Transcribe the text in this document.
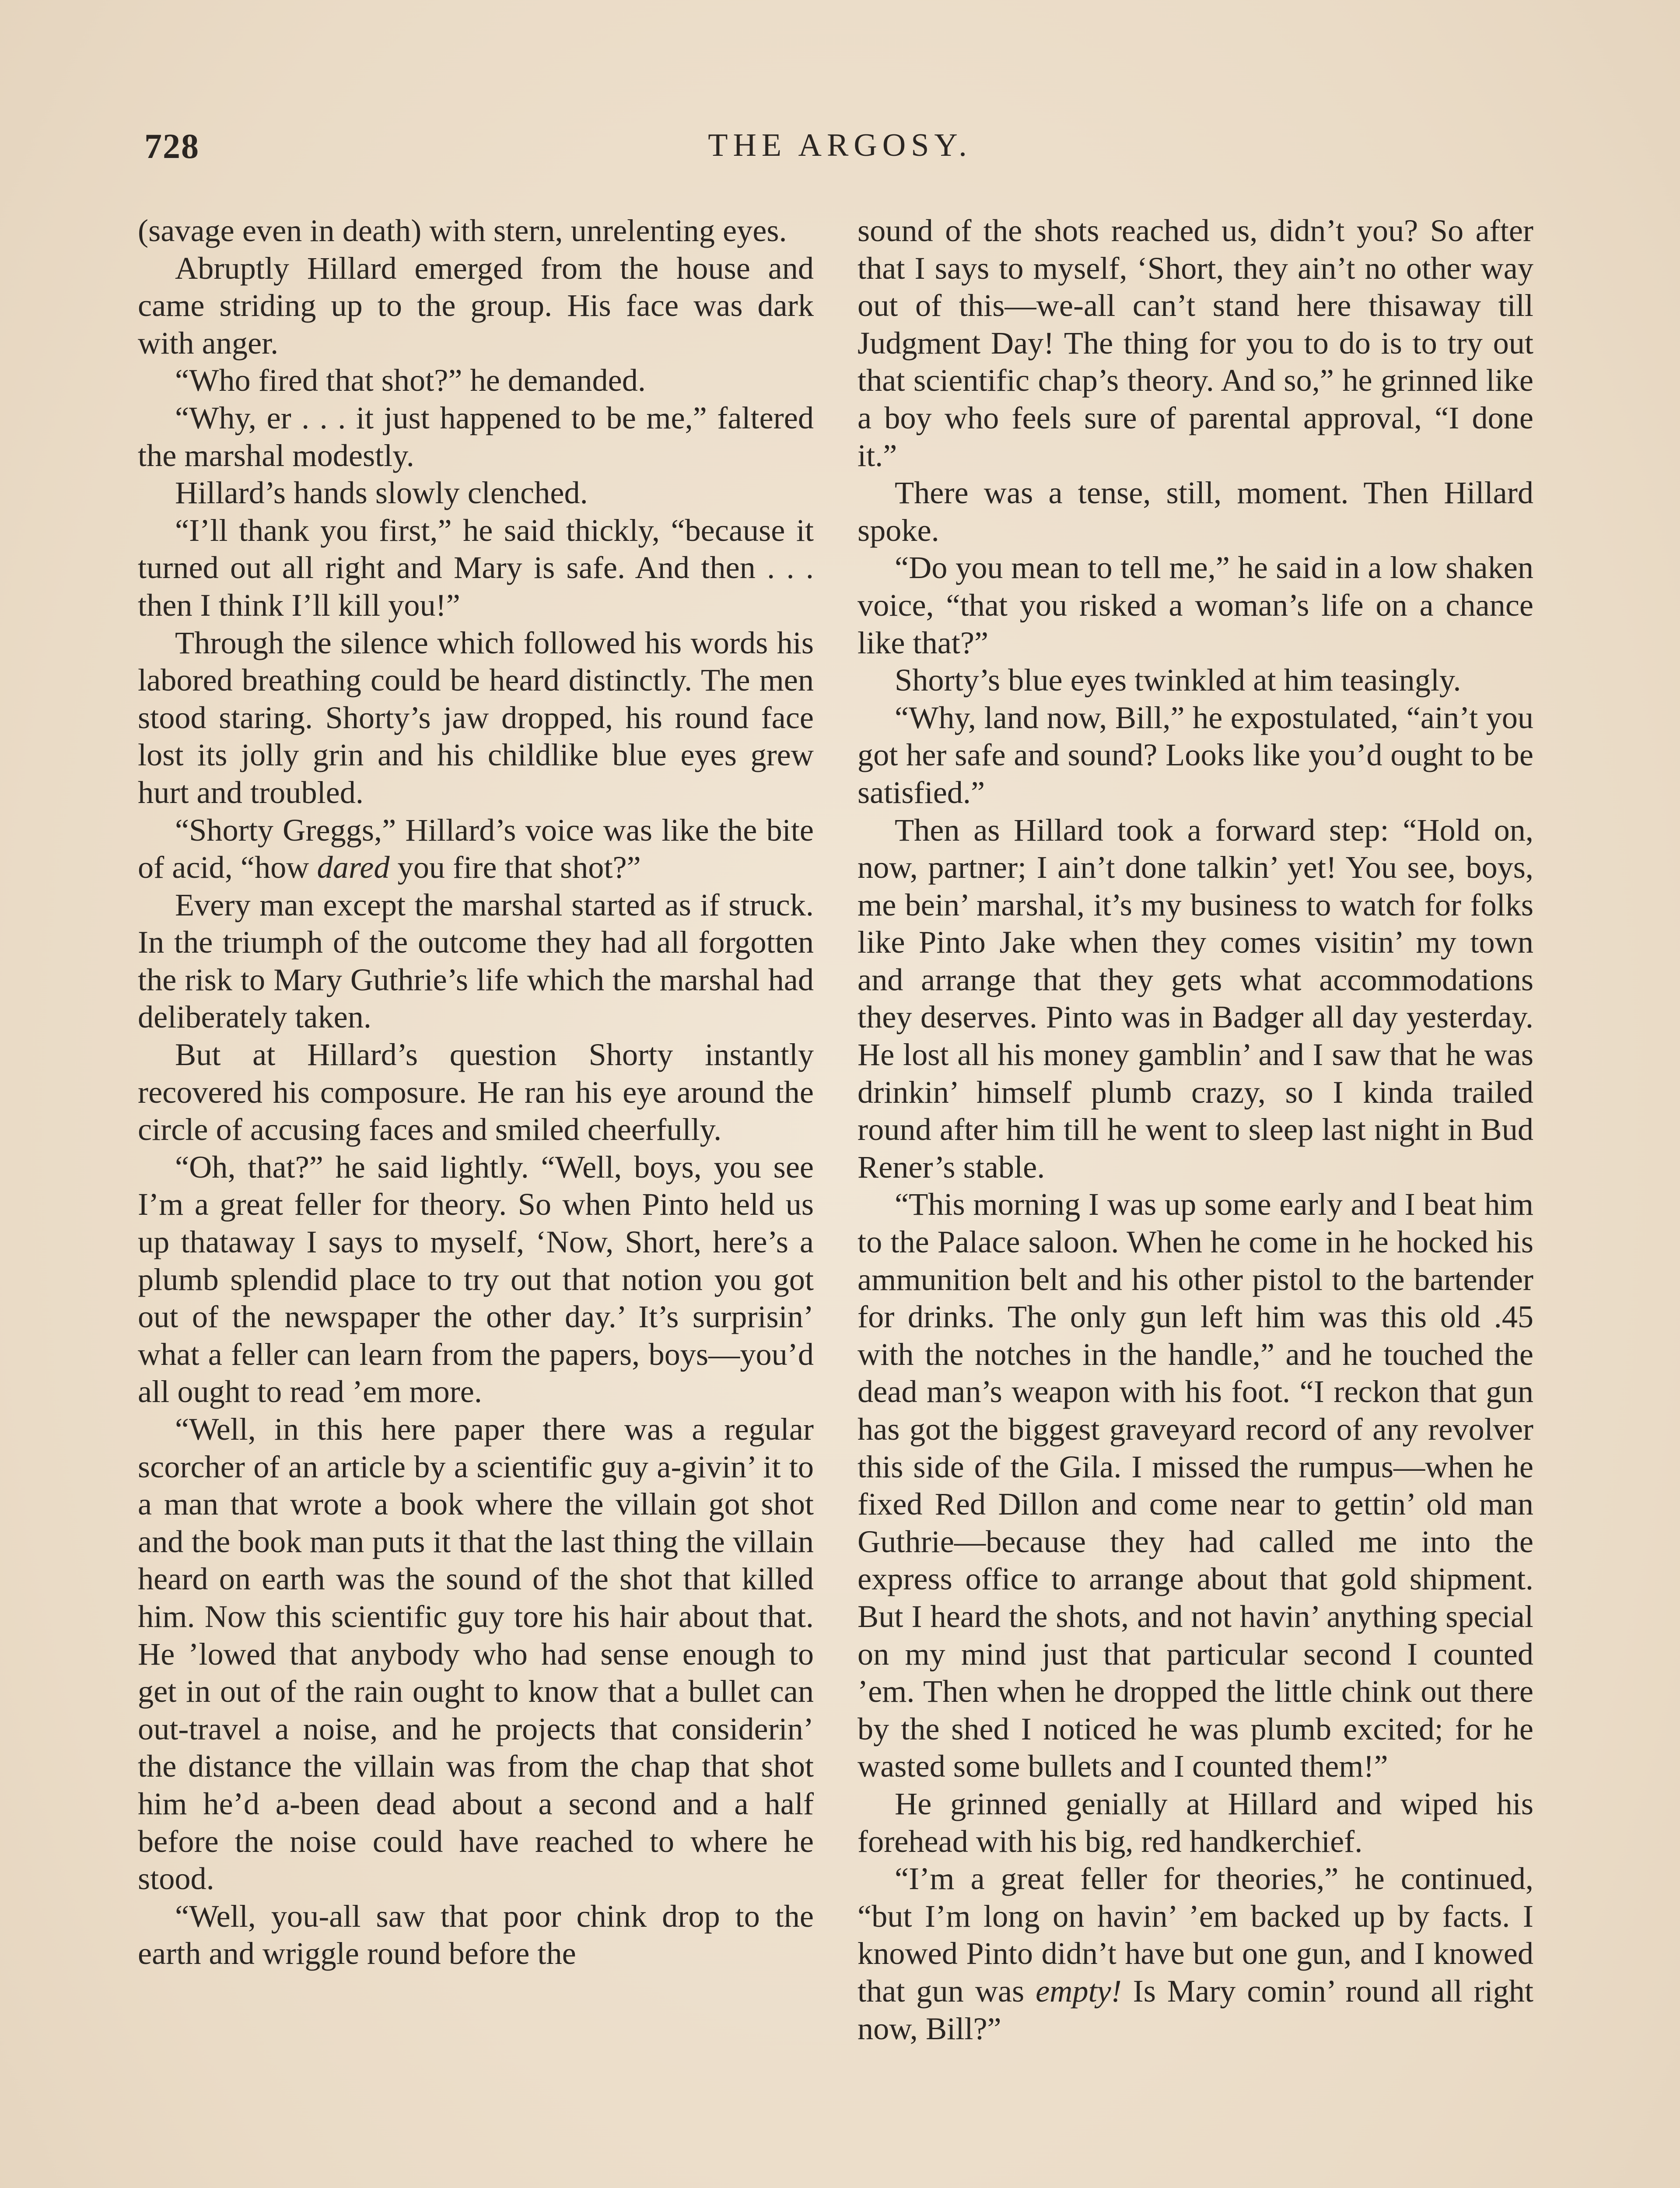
728	THE ARGOSY.

(savage even in death) with stern, unrelenting eyes.

Abruptly Hillard emerged from the house and came striding up to the group. His face was dark with anger.

“Who fired that shot?” he demanded.

“Why, er . . . it just happened to be me,” faltered the marshal modestly.

Hillard’s hands slowly clenched.

“I’ll thank you first,” he said thickly, “because it turned out all right and Mary is safe. And then . . . then I think I’ll kill you!”

Through the silence which followed his words his labored breathing could be heard distinctly. The men stood staring. Shorty’s jaw dropped, his round face lost its jolly grin and his childlike blue eyes grew hurt and troubled.

“Shorty Greggs,” Hillard’s voice was like the bite of acid, “how dared you fire that shot?”

Every man except the marshal started as if struck. In the triumph of the outcome they had all forgotten the risk to Mary Guthrie’s life which the marshal had deliberately taken.

But at Hillard’s question Shorty instantly recovered his composure. He ran his eye around the circle of accusing faces and smiled cheerfully.

“Oh, that?” he said lightly. “Well, boys, you see I’m a great feller for theory. So when Pinto held us up thataway I says to myself, ‘Now, Short, here’s a plumb splendid place to try out that notion you got out of the newspaper the other day.’ It’s surprisin’ what a feller can learn from the papers, boys—you’d all ought to read ’em more.

“Well, in this here paper there was a regular scorcher of an article by a scientific guy a-givin’ it to a man that wrote a book where the villain got shot and the book man puts it that the last thing the villain heard on earth was the sound of the shot that killed him. Now this scientific guy tore his hair about that. He ’lowed that anybody who had sense enough to get in out of the rain ought to know that a bullet can out-travel a noise, and he projects that considerin’ the distance the villain was from the chap that shot him he’d a-been dead about a second and a half before the noise could have reached to where he stood.

“Well, you-all saw that poor chink drop to the earth and wriggle round before the

sound of the shots reached us, didn’t you? So after that I says to myself, ‘Short, they ain’t no other way out of this—we-all can’t stand here thisaway till Judgment Day! The thing for you to do is to try out that scientific chap’s theory. And so,” he grinned like a boy who feels sure of parental approval, “I done it.”

There was a tense, still, moment. Then Hillard spoke.

“Do you mean to tell me,” he said in a low shaken voice, “that you risked a woman’s life on a chance like that?”

Shorty’s blue eyes twinkled at him teasingly.

“Why, land now, Bill,” he expostulated, “ain’t you got her safe and sound? Looks like you’d ought to be satisfied.”

Then as Hillard took a forward step: “Hold on, now, partner; I ain’t done talkin’ yet! You see, boys, me bein’ marshal, it’s my business to watch for folks like Pinto Jake when they comes visitin’ my town and arrange that they gets what accommodations they deserves. Pinto was in Badger all day yesterday. He lost all his money gamblin’ and I saw that he was drinkin’ himself plumb crazy, so I kinda trailed round after him till he went to sleep last night in Bud Rener’s stable.

“This morning I was up some early and I beat him to the Palace saloon. When he come in he hocked his ammunition belt and his other pistol to the bartender for drinks. The only gun left him was this old .45 with the notches in the handle,” and he touched the dead man’s weapon with his foot. “I reckon that gun has got the biggest graveyard record of any revolver this side of the Gila. I missed the rumpus—when he fixed Red Dillon and come near to gettin’ old man Guthrie—because they had called me into the express office to arrange about that gold shipment. But I heard the shots, and not havin’ anything special on my mind just that particular second I counted ’em. Then when he dropped the little chink out there by the shed I noticed he was plumb excited; for he wasted some bullets and I counted them!”

He grinned genially at Hillard and wiped his forehead with his big, red handkerchief.

“I’m a great feller for theories,” he continued, “but I’m long on havin’ ’em backed up by facts. I knowed Pinto didn’t have but one gun, and I knowed that gun was empty! Is Mary comin’ round all right now, Bill?”
